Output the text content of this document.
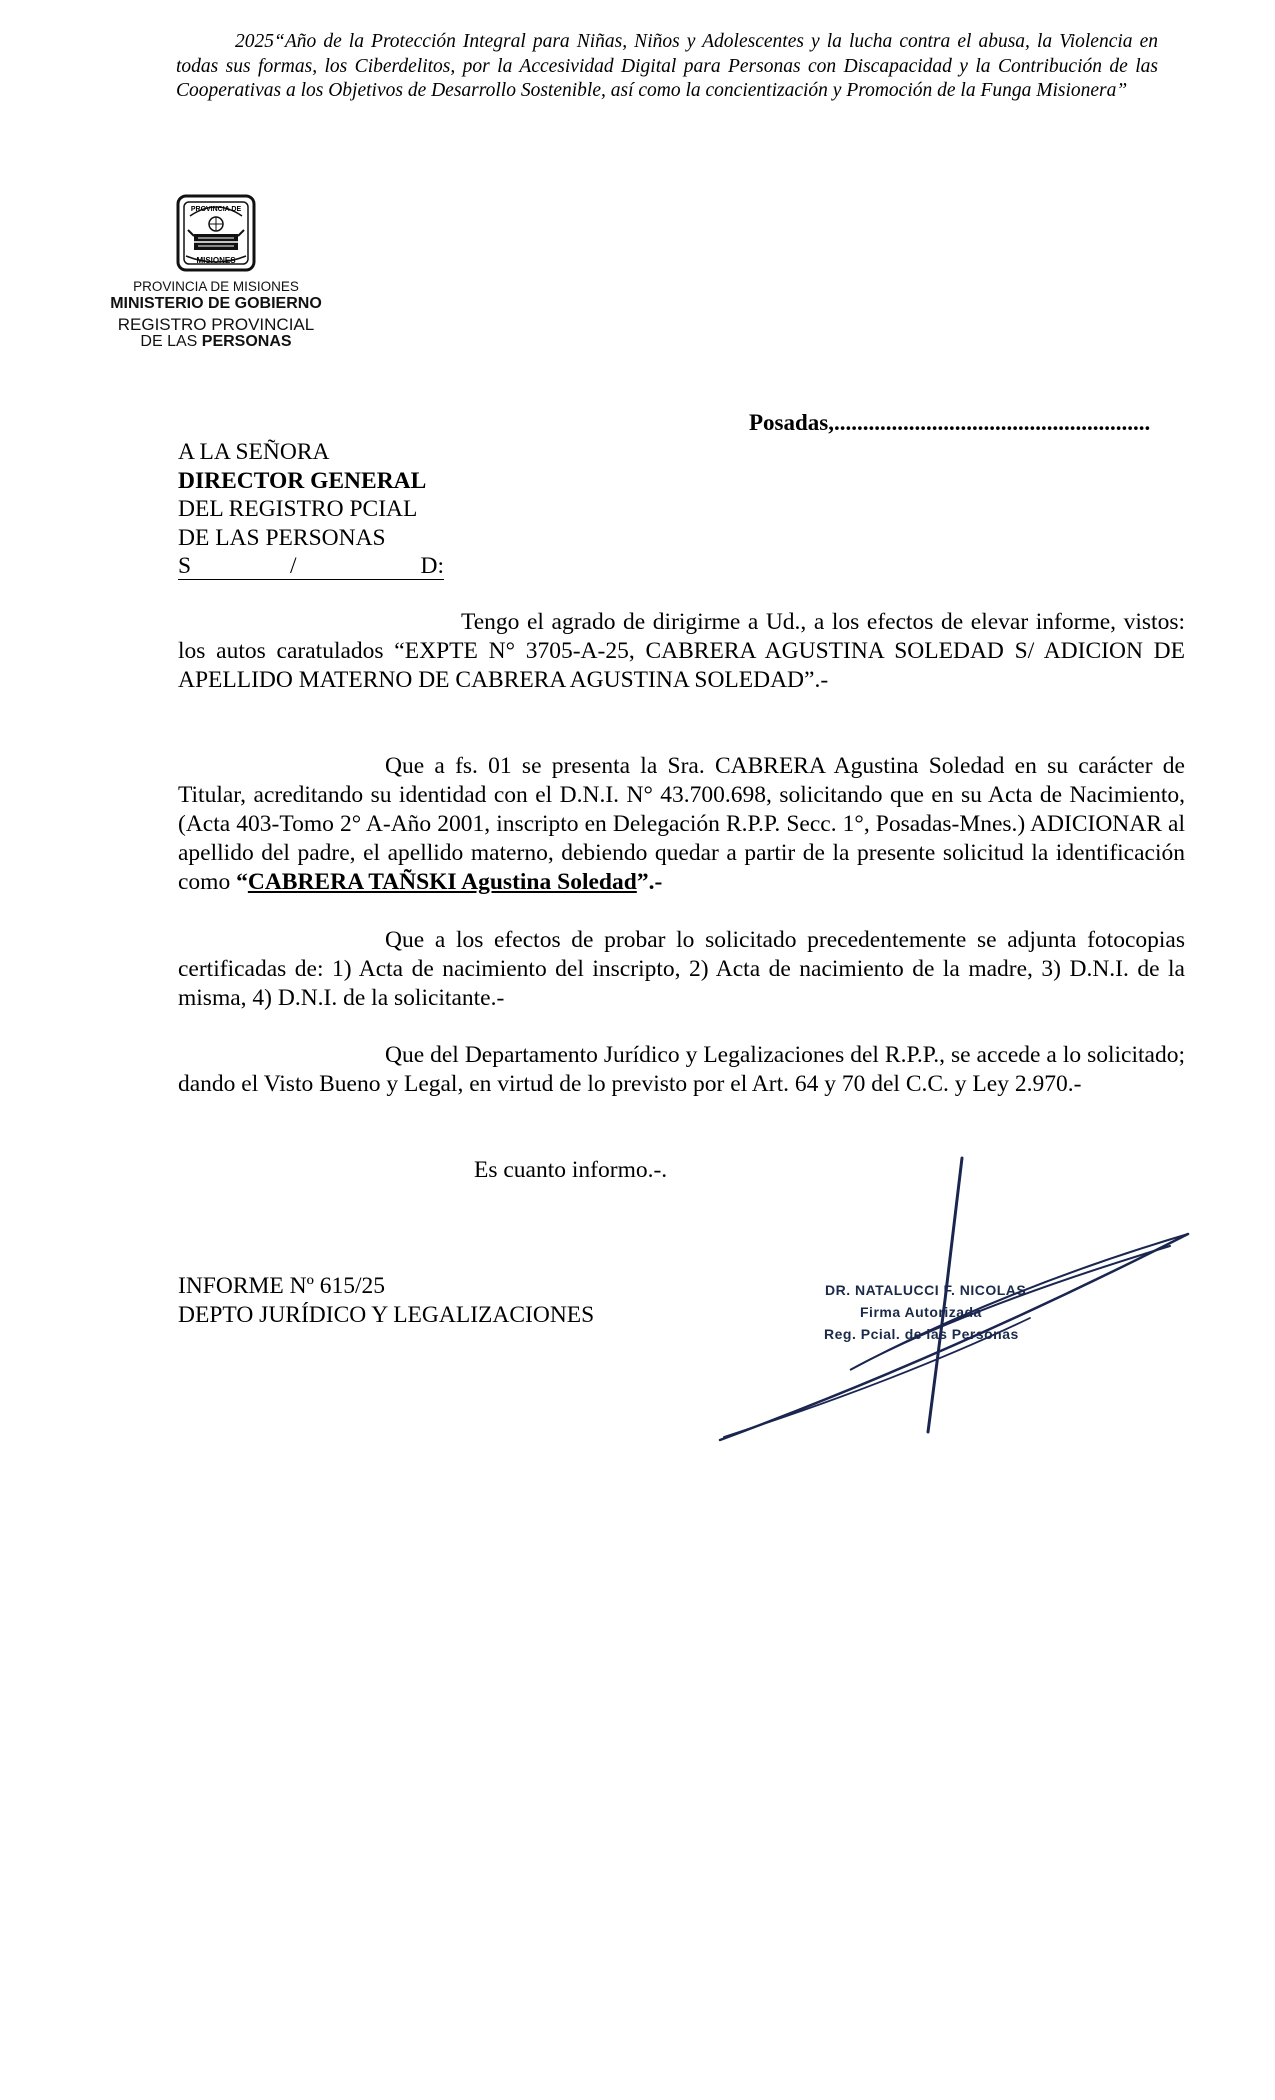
2025“Año de la Protección Integral para Niñas, Niños y Adolescentes y la lucha contra el abusa, la Violencia en todas sus formas, los Ciberdelitos, por la Accesividad Digital para Personas con Discapacidad y la Contribución de las Cooperativas a los Objetivos de Desarrollo Sostenible, así como la concientización y Promoción de la Funga Misionera”
PROVINCIA DE
MISIONES
PROVINCIA DE MISIONES
MINISTERIO DE GOBIERNO
REGISTRO PROVINCIAL
DE LAS PERSONAS
Posadas,.......................................................
A LA SEÑORA
DIRECTOR GENERAL
DEL REGISTRO PCIAL
DE LAS PERSONAS
S	/	D:
Tengo el agrado de dirigirme a Ud., a los efectos de elevar informe, vistos: los autos caratulados “EXPTE N° 3705-A-25, CABRERA AGUSTINA SOLEDAD S/ ADICION DE APELLIDO MATERNO DE CABRERA AGUSTINA SOLEDAD”.-
Que a fs. 01 se presenta la Sra. CABRERA Agustina Soledad en su carácter de Titular, acreditando su identidad con el D.N.I. N° 43.700.698, solicitando que en su Acta de Nacimiento, (Acta 403-Tomo 2° A-Año 2001, inscripto en Delegación R.P.P. Secc. 1°, Posadas-Mnes.) ADICIONAR al apellido del padre, el apellido materno, debiendo quedar a partir de la presente solicitud la identificación como “CABRERA TAÑSKI Agustina Soledad”.-
Que a los efectos de probar lo solicitado precedentemente se adjunta fotocopias certificadas de: 1) Acta de nacimiento del inscripto, 2) Acta de nacimiento de la madre, 3) D.N.I. de la misma, 4) D.N.I. de la solicitante.-
Que del Departamento Jurídico y Legalizaciones del R.P.P., se accede a lo solicitado; dando el Visto Bueno y Legal, en virtud de lo previsto por el Art. 64 y 70 del C.C. y Ley 2.970.-
Es cuanto informo.-.
INFORME Nº 615/25
DEPTO JURÍDICO Y LEGALIZACIONES
DR. NATALUCCI F. NICOLAS
Firma Autorizada
Reg. Pcial. de las Personas
